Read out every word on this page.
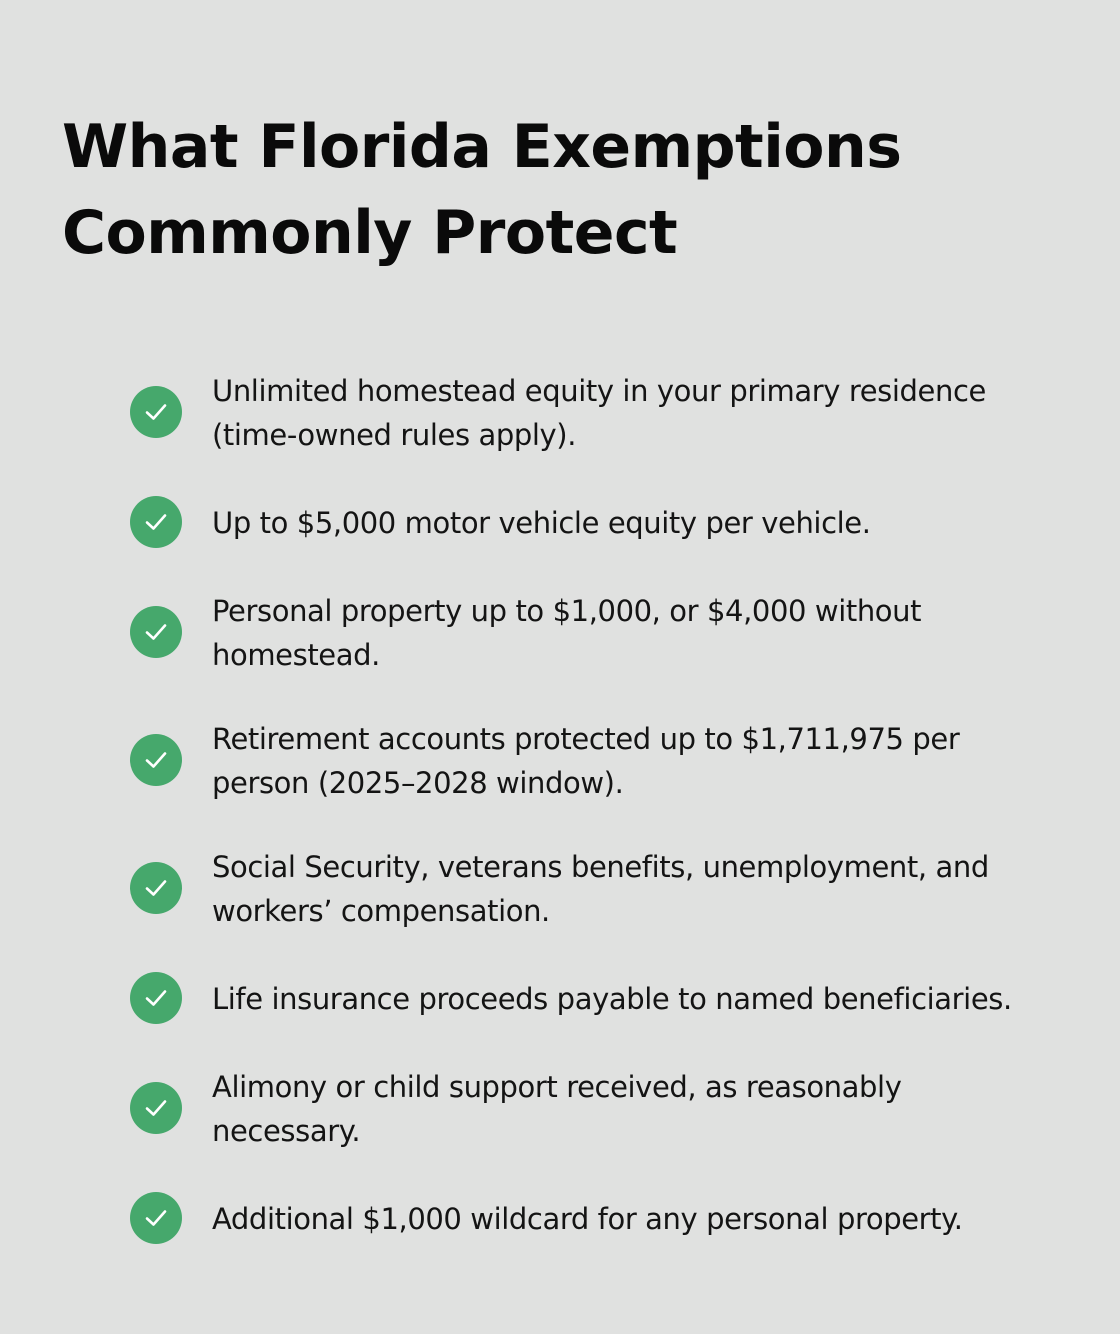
What Florida Exemptions
Commonly Protect
Unlimited homestead equity in your primary residence
(time-owned rules apply).
Up to $5,000 motor vehicle equity per vehicle.
Personal property up to $1,000, or $4,000 without
homestead.
Retirement accounts protected up to $1,711,975 per
person (2025–2028 window).
Social Security, veterans benefits, unemployment, and
workers’ compensation.
Life insurance proceeds payable to named beneficiaries.
Alimony or child support received, as reasonably
necessary.
Additional $1,000 wildcard for any personal property.
